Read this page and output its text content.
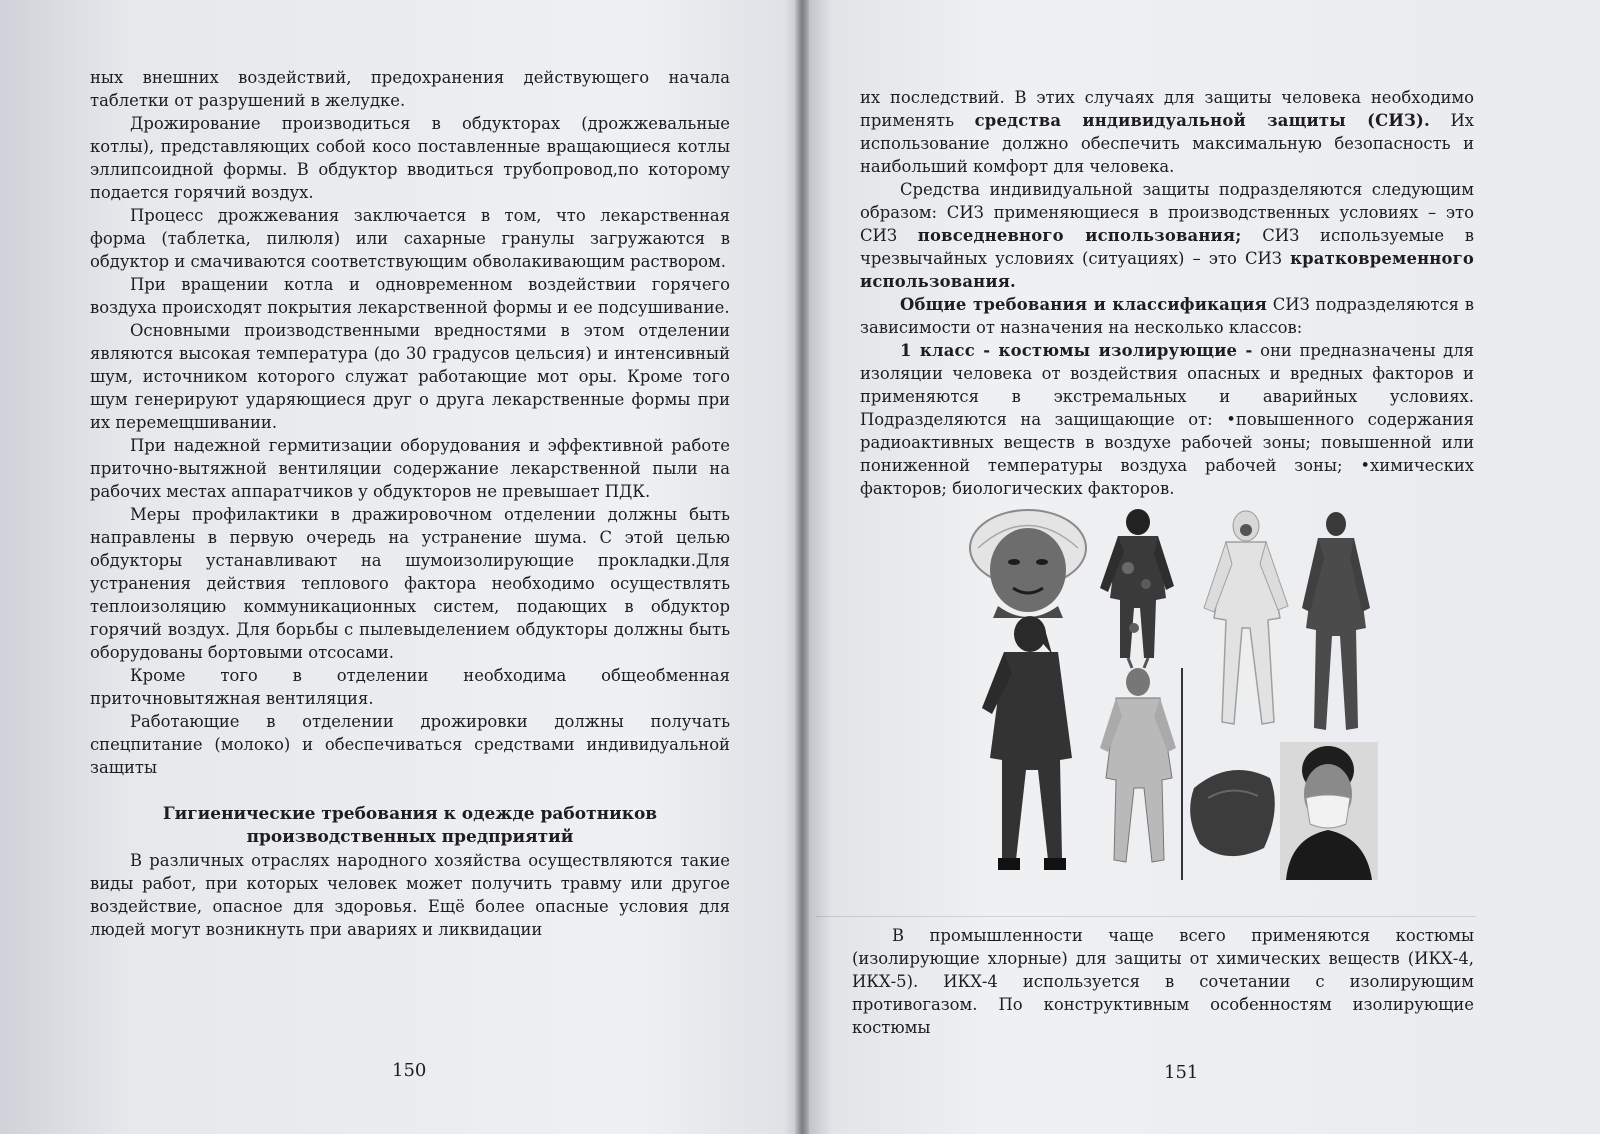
ных внешних воздействий, предохранения действующего начала таблетки от разрушений в желудке.

Дрожирование производиться в обдукторах (дрожжевальные котлы), представляющих собой косо поставленные вращающиеся котлы эллипсоидной формы. В обдуктор вводиться трубопровод,по которому подается горячий воздух.

Процесс дрожжевания заключается в том, что лекарственная форма (таблетка, пилюля) или сахарные гранулы загружаются в обдуктор и смачиваются соответствующим обволакивающим раствором.

При вращении котла и одновременном воздействии горячего воздуха происходят покрытия лекарственной формы и ее подсушивание.

Основными производственными вредностями в этом отделении являются высокая температура (до 30 градусов цельсия) и интенсивный шум, источником которого служат работающие мот оры. Кроме того шум генерируют ударяющиеся друг о друга лекарственные формы при их перемещшивании.

При надежной гермитизации оборудования и эффективной работе приточно-вытяжной вентиляции содержание лекарственной пыли на рабочих местах аппаратчиков у обдукторов не превышает ПДК.

Меры профилактики в дражировочном отделении должны быть направлены в первую очередь на устранение шума. С этой целью обдукторы устанавливают на шумоизолирующие прокладки.Для устранения действия теплового фактора необходимо осуществлять теплоизоляцию коммуникационных систем, подающих в обдуктор горячий воздух. Для борьбы с пылевыделением обдукторы должны быть оборудованы бортовыми отсосами.

Кроме того в отделении необходима общеобменная приточновытяжная вентиляция.

Работающие в отделении дрожировки должны получать спецпитание (молоко) и обеспечиваться средствами индивидуальной защиты

Гигиенические требования к одежде работников
производственных предприятий

В различных отраслях народного хозяйства осуществляются такие виды работ, при которых человек может получить травму или другое воздействие, опасное для здоровья. Ещё более опасные условия для людей могут возникнуть при авариях и ликвидации

150

их последствий. В этих случаях для защиты человека необходимо применять средства индивидуальной защиты (СИЗ). Их использование должно обеспечить максимальную безопасность и наибольший комфорт для человека.

Средства индивидуальной защиты подразделяются следующим образом: СИЗ применяющиеся в производственных условиях – это СИЗ повседневного использования; СИЗ используемые в чрезвычайных условиях (ситуациях) – это СИЗ кратковременного использования.

Общие требования и классификация СИЗ подразделяются в зависимости от назначения на несколько классов:

1 класс - костюмы изолирующие - они предназначены для изоляции человека от воздействия опасных и вредных факторов и применяются в экстремальных и аварийных условиях. Подразделяются на защищающие от: •повышенного содержания радиоактивных веществ в воздухе рабочей зоны; повышенной или пониженной температуры воздуха рабочей зоны; •химических факторов; биологических факторов.

В промышленности чаще всего применяются костюмы (изолирующие хлорные) для защиты от химических веществ (ИКХ-4, ИКХ-5). ИКХ-4 используется в сочетании с изолирующим противогазом. По конструктивным особенностям изолирующие костюмы

151
